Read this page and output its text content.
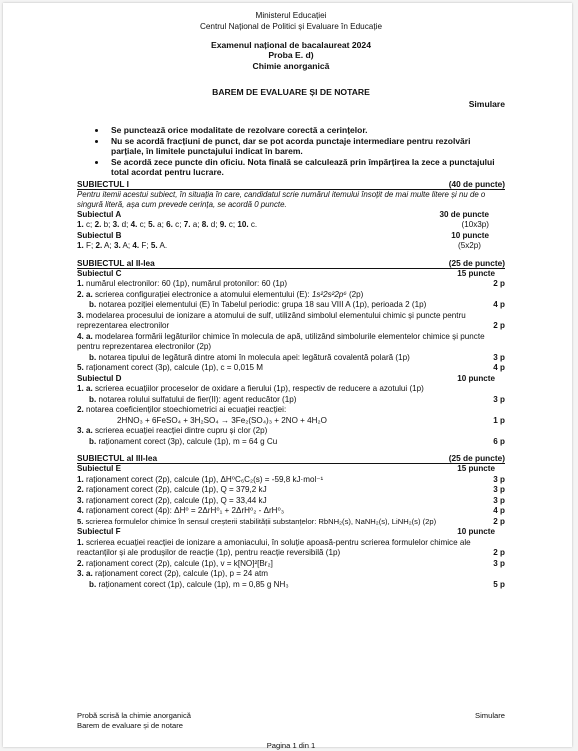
Ministerul Educației
Centrul Național de Politici și Evaluare în Educație
Examenul național de bacalaureat 2024
Proba E. d)
Chimie anorganică
BAREM DE EVALUARE ȘI DE NOTARE
Simulare
• Se punctează orice modalitate de rezolvare corectă a cerințelor.
• Nu se acordă fracțiuni de punct, dar se pot acorda punctaje intermediare pentru rezolvări parțiale, în limitele punctajului indicat în barem.
• Se acordă zece puncte din oficiu. Nota finală se calculează prin împărțirea la zece a punctajului total acordat pentru lucrare.
SUBIECTUL I	(40 de puncte)
Pentru itemii acestui subiect, în situația în care, candidatul scrie numărul itemului însoțit de mai multe litere și nu de o singură literă, așa cum prevede cerința, se acordă 0 puncte.
Subiectul A	30 de puncte
1. c; 2. b; 3. d; 4. c; 5. a; 6. c; 7. a; 8. d; 9. c; 10. c.	(10x3p)
Subiectul B	10 puncte
1. F; 2. A; 3. A; 4. F; 5. A.	(5x2p)
SUBIECTUL al II-lea	(25 de puncte)
Subiectul C	15 puncte
1. numărul electronilor: 60 (1p), numărul protonilor: 60 (1p)	2 p
2. a. scrierea configurației electronice a atomului elementului (E): 1s²2s²2p⁶ (2p)
b. notarea poziției elementului (E) în Tabelul periodic: grupa 18 sau VIII A (1p), perioada 2 (1p)	4 p
3. modelarea procesului de ionizare a atomului de sulf, utilizând simbolul elementului chimic și puncte pentru reprezentarea electronilor	2 p
4. a. modelarea formării legăturilor chimice în molecula de apă, utilizând simbolurile elementelor chimice și puncte pentru reprezentarea electronilor (2p)
b. notarea tipului de legătură dintre atomi în molecula apei: legătură covalentă polară (1p)	3 p
5. raționament corect (3p), calcule (1p), c = 0,015 M	4 p
Subiectul D	10 puncte
1. a. scrierea ecuațiilor proceselor de oxidare a fierului (1p), respectiv de reducere a azotului (1p)
b. notarea rolului sulfatului de fier(II): agent reducător (1p)	3 p
2. notarea coeficienților stoechiometrici ai ecuației reacției:
2HNO₃ + 6FeSO₄ + 3H₂SO₄ → 3Fe₂(SO₄)₃ + 2NO + 4H₂O	1 p
3. a. scrierea ecuației reacției dintre cupru și clor (2p)
b. raționament corect (3p), calcule (1p), m = 64 g Cu	6 p
SUBIECTUL al III-lea	(25 de puncte)
Subiectul E	15 puncte
1. raționament corect (2p), calcule (1p), ΔH⁰C₆C₂(s) = -59,8 kJ·mol⁻¹	3 p
2. raționament corect (2p), calcule (1p), Q = 379,2 kJ	3 p
3. raționament corect (2p), calcule (1p), Q = 33,44 kJ	3 p
4. raționament corect (4p): ΔH⁰ = 2ΔrH⁰₁ + 2ΔrH⁰₂ - ΔrH⁰₃	4 p
5. scrierea formulelor chimice în sensul creșterii stabilității substanțelor: RbNH₂(s), NaNH₂(s), LiNH₂(s) (2p)	2 p
Subiectul F	10 puncte
1. scrierea ecuației reacției de ionizare a amoniacului, în soluție apoasă-pentru scrierea formulelor chimice ale reactanților și ale produșilor de reacție (1p), pentru reacție reversibilă (1p)	2 p
2. raționament corect (2p), calcule (1p), v = k[NO]²[Br₂]	3 p
3. a. raționament corect (2p), calcule (1p), p = 24 atm
b. raționament corect (1p), calcule (1p), m = 0,85 g NH₃	5 p
Probă scrisă la chimie anorganică	Simulare
Barem de evaluare și de notare
Pagina 1 din 1
